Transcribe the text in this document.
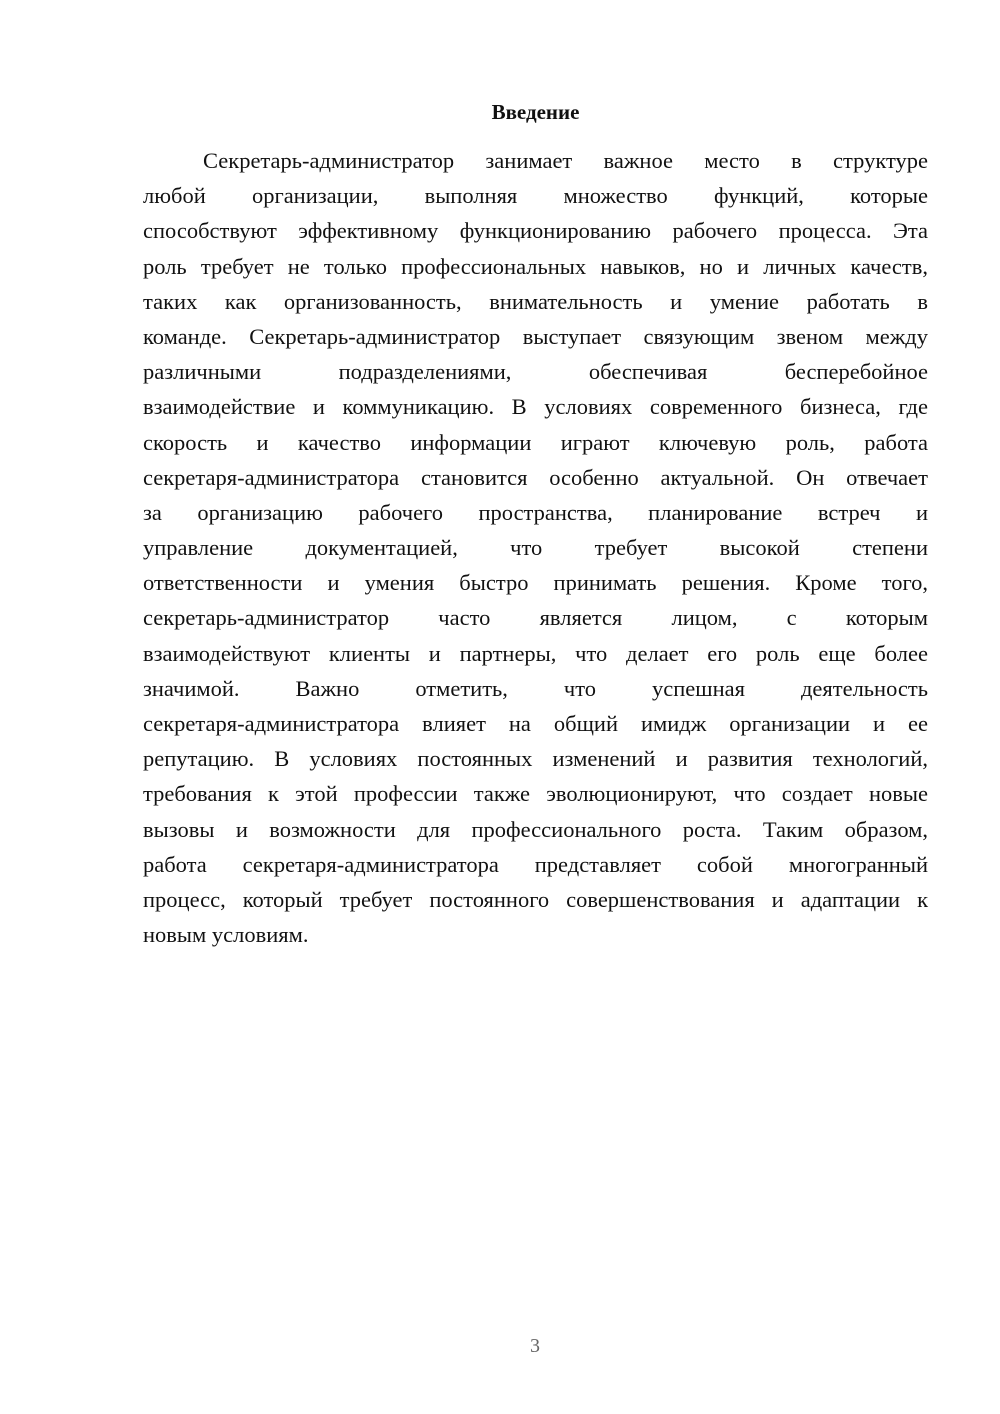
Введение
Секретарь-администратор занимает важное место в структуре
любой организации, выполняя множество функций, которые
способствуют эффективному функционированию рабочего процесса. Эта
роль требует не только профессиональных навыков, но и личных качеств,
таких как организованность, внимательность и умение работать в
команде. Секретарь-администратор выступает связующим звеном между
различными подразделениями, обеспечивая бесперебойное
взаимодействие и коммуникацию. В условиях современного бизнеса, где
скорость и качество информации играют ключевую роль, работа
секретаря-администратора становится особенно актуальной. Он отвечает
за организацию рабочего пространства, планирование встреч и
управление документацией, что требует высокой степени
ответственности и умения быстро принимать решения. Кроме того,
секретарь-администратор часто является лицом, с которым
взаимодействуют клиенты и партнеры, что делает его роль еще более
значимой. Важно отметить, что успешная деятельность
секретаря-администратора влияет на общий имидж организации и ее
репутацию. В условиях постоянных изменений и развития технологий,
требования к этой профессии также эволюционируют, что создает новые
вызовы и возможности для профессионального роста. Таким образом,
работа секретаря-администратора представляет собой многогранный
процесс, который требует постоянного совершенствования и адаптации к
новым условиям.
3
